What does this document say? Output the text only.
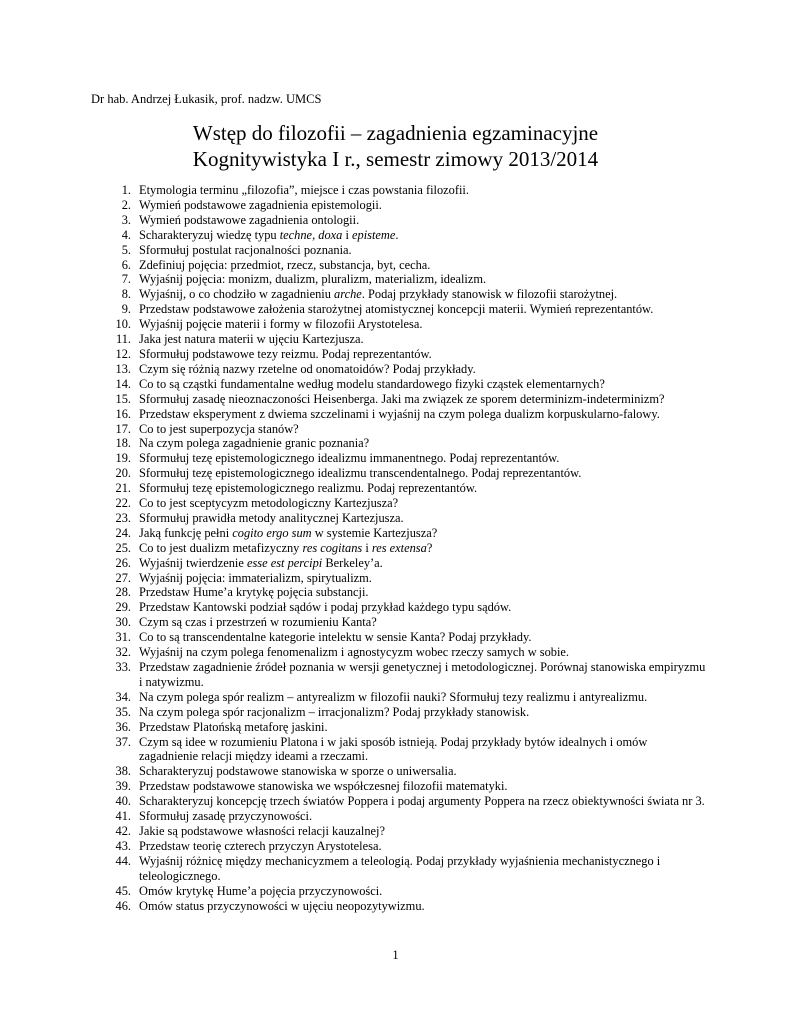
Dr hab. Andrzej Łukasik, prof. nadzw. UMCS
Wstęp do filozofii – zagadnienia egzaminacyjne
Kognitywistyka I r., semestr zimowy 2013/2014
1. Etymologia terminu „filozofia”, miejsce i czas powstania filozofii.
2. Wymień podstawowe zagadnienia epistemologii.
3. Wymień podstawowe zagadnienia ontologii.
4. Scharakteryzuj wiedzę typu techne, doxa i episteme.
5. Sformułuj postulat racjonalności poznania.
6. Zdefiniuj pojęcia: przedmiot, rzecz, substancja, byt, cecha.
7. Wyjaśnij pojęcia: monizm, dualizm, pluralizm, materializm, idealizm.
8. Wyjaśnij, o co chodziło w zagadnieniu arche. Podaj przykłady stanowisk w filozofii starożytnej.
9. Przedstaw podstawowe założenia starożytnej atomistycznej koncepcji materii. Wymień reprezentantów.
10. Wyjaśnij pojęcie materii i formy w filozofii Arystotelesa.
11. Jaka jest natura materii w ujęciu Kartezjusza.
12. Sformułuj podstawowe tezy reizmu. Podaj reprezentantów.
13. Czym się różnią nazwy rzetelne od onomatoidów? Podaj przykłady.
14. Co to są cząstki fundamentalne według modelu standardowego fizyki cząstek elementarnych?
15. Sformułuj zasadę nieoznaczoności Heisenberga. Jaki ma związek ze sporem determinizm-indeterminizm?
16. Przedstaw eksperyment z dwiema szczelinami i wyjaśnij na czym polega dualizm korpuskularno-falowy.
17. Co to jest superpozycja stanów?
18. Na czym polega zagadnienie granic poznania?
19. Sformułuj tezę epistemologicznego idealizmu immanentnego. Podaj reprezentantów.
20. Sformułuj tezę epistemologicznego idealizmu transcendentalnego. Podaj reprezentantów.
21. Sformułuj tezę epistemologicznego realizmu. Podaj reprezentantów.
22. Co to jest sceptycyzm metodologiczny Kartezjusza?
23. Sformułuj prawidła metody analitycznej Kartezjusza.
24. Jaką funkcję pełni cogito ergo sum w systemie Kartezjusza?
25. Co to jest dualizm metafizyczny res cogitans i res extensa?
26. Wyjaśnij twierdzenie esse est percipi Berkeley’a.
27. Wyjaśnij pojęcia: immaterializm, spirytualizm.
28. Przedstaw Hume’a krytykę pojęcia substancji.
29. Przedstaw Kantowski podział sądów i podaj przykład każdego typu sądów.
30. Czym są czas i przestrzeń w rozumieniu Kanta?
31. Co to są transcendentalne kategorie intelektu w sensie Kanta? Podaj przykłady.
32. Wyjaśnij na czym polega fenomenalizm i agnostycyzm wobec rzeczy samych w sobie.
33. Przedstaw zagadnienie źródeł poznania w wersji genetycznej i metodologicznej. Porównaj stanowiska empiryzmu i natywizmu.
34. Na czym polega spór realizm – antyrealizm w filozofii nauki? Sformułuj tezy realizmu i antyrealizmu.
35. Na czym polega spór racjonalizm – irracjonalizm? Podaj przykłady stanowisk.
36. Przedstaw Platońską metaforę jaskini.
37. Czym są idee w rozumieniu Platona i w jaki sposób istnieją. Podaj przykłady bytów idealnych i omów zagadnienie relacji między ideami a rzeczami.
38. Scharakteryzuj podstawowe stanowiska w sporze o uniwersalia.
39. Przedstaw podstawowe stanowiska we współczesnej filozofii matematyki.
40. Scharakteryzuj koncepcję trzech światów Poppera i podaj argumenty Poppera na rzecz obiektywności świata nr 3.
41. Sformułuj zasadę przyczynowości.
42. Jakie są podstawowe własności relacji kauzalnej?
43. Przedstaw teorię czterech przyczyn Arystotelesa.
44. Wyjaśnij różnicę między mechanicyzmem a teleologią. Podaj przykłady wyjaśnienia mechanistycznego i teleologicznego.
45. Omów krytykę Hume’a pojęcia przyczynowości.
46. Omów status przyczynowości w ujęciu neopozytywizmu.
1
